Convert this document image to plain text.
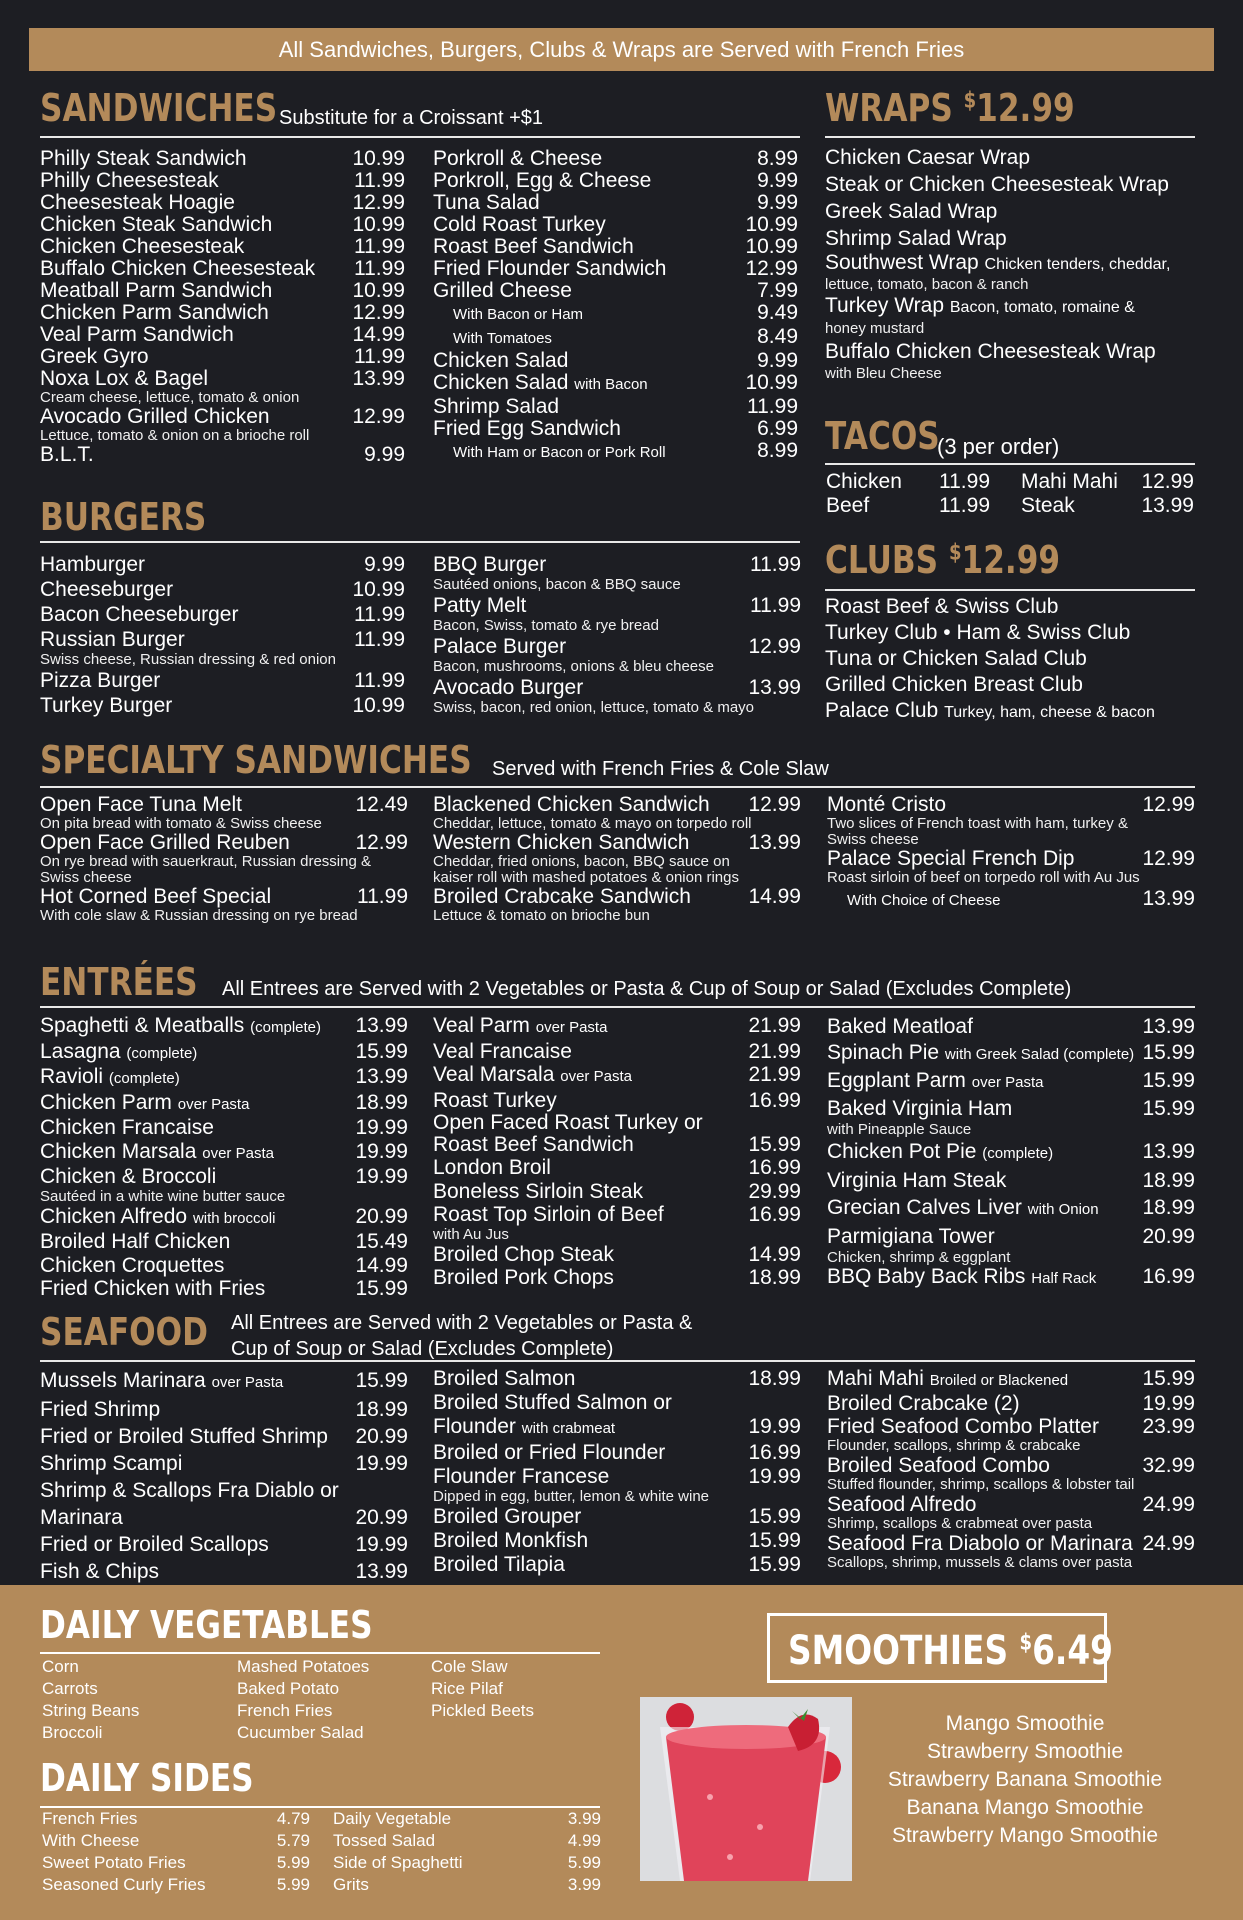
All Sandwiches, Burgers, Clubs & Wraps are Served with French Fries
SANDWICHES Substitute for a Croissant +$1
Philly Steak Sandwich	10.99
Philly Cheesesteak	11.99
Cheesesteak Hoagie	12.99
Chicken Steak Sandwich	10.99
Chicken Cheesesteak	11.99
Buffalo Chicken Cheesesteak 11.99
Meatball Parm Sandwich	10.99
Chicken Parm Sandwich	12.99
Veal Parm Sandwich	14.99
Greek Gyro	11.99
Noxa Lox & Bagel	13.99
Cream cheese, lettuce, tomato & onion
Avocado Grilled Chicken	12.99
Lettuce, tomato & onion on a brioche roll
B.L.T.	9.99
Porkroll & Cheese	8.99
Porkroll, Egg & Cheese	9.99
Tuna Salad	9.99
Cold Roast Turkey	10.99
Roast Beef Sandwich	10.99
Fried Flounder Sandwich	12.99
Grilled Cheese	7.99
With Bacon or Ham	9.49
With Tomatoes	8.49
Chicken Salad	9.99
Chicken Salad with Bacon	10.99
Shrimp Salad	11.99
Fried Egg Sandwich	6.99
With Ham or Bacon or Pork Roll	8.99
WRAPS $12.99
Chicken Caesar Wrap
Steak or Chicken Cheesesteak Wrap
Greek Salad Wrap
Shrimp Salad Wrap
Southwest Wrap Chicken tenders, cheddar,
lettuce, tomato, bacon & ranch
Turkey Wrap Bacon, tomato, romaine &
honey mustard
Buffalo Chicken Cheesesteak Wrap
with Bleu Cheese
TACOS
(3 per order)
Chicken	11.99	Mahi Mahi	12.99
Beef	11.99	Steak	13.99
CLUBS $12.99
Roast Beef & Swiss Club
Turkey Club • Ham & Swiss Club
Tuna or Chicken Salad Club
Grilled Chicken Breast Club
Palace Club Turkey, ham, cheese & bacon
BURGERS
Hamburger	9.99
Cheeseburger	10.99
Bacon Cheeseburger	11.99
Russian Burger	11.99
Swiss cheese, Russian dressing & red onion
Pizza Burger	11.99
Turkey Burger	10.99
BBQ Burger	11.99
Sautéed onions, bacon & BBQ sauce
Patty Melt	11.99
Bacon, Swiss, tomato & rye bread
Palace Burger	12.99
Bacon, mushrooms, onions & bleu cheese
Avocado Burger	13.99
Swiss, bacon, red onion, lettuce, tomato & mayo
SPECIALTY SANDWICHES Served with French Fries & Cole Slaw
Open Face Tuna Melt	12.49
On pita bread with tomato & Swiss cheese
Open Face Grilled Reuben	12.99
On rye bread with sauerkraut, Russian dressing &
Swiss cheese
Hot Corned Beef Special	11.99
With cole slaw & Russian dressing on rye bread
Blackened Chicken Sandwich 12.99
Cheddar, lettuce, tomato & mayo on torpedo roll
Western Chicken Sandwich	13.99
Cheddar, fried onions, bacon, BBQ sauce on
kaiser roll with mashed potatoes & onion rings
Broiled Crabcake Sandwich	14.99
Lettuce & tomato on brioche bun
Monté Cristo	12.99
Two slices of French toast with ham, turkey &
Swiss cheese
Palace Special French Dip	12.99
Roast sirloin of beef on torpedo roll with Au Jus
With Choice of Cheese	13.99
ENTRÉES All Entrees are Served with 2 Vegetables or Pasta & Cup of Soup or Salad (Excludes Complete)
Spaghetti & Meatballs (complete) 13.99
Lasagna (complete)	15.99
Ravioli (complete)	13.99
Chicken Parm over Pasta	18.99
Chicken Francaise	19.99
Chicken Marsala over Pasta	19.99
Chicken & Broccoli	19.99
Sautéed in a white wine butter sauce
Chicken Alfredo with broccoli	20.99
Broiled Half Chicken	15.49
Chicken Croquettes	14.99
Fried Chicken with Fries	15.99
Veal Parm over Pasta	21.99
Veal Francaise	21.99
Veal Marsala over Pasta	21.99
Roast Turkey	16.99
Open Faced Roast Turkey or
Roast Beef Sandwich	15.99
London Broil	16.99
Boneless Sirloin Steak	29.99
Roast Top Sirloin of Beef	16.99
with Au Jus
Broiled Chop Steak	14.99
Broiled Pork Chops	18.99
Baked Meatloaf	13.99
Spinach Pie with Greek Salad (complete) 15.99
Eggplant Parm over Pasta	15.99
Baked Virginia Ham	15.99
with Pineapple Sauce
Chicken Pot Pie (complete)	13.99
Virginia Ham Steak	18.99
Grecian Calves Liver with Onion 18.99
Parmigiana Tower	20.99
Chicken, shrimp & eggplant
BBQ Baby Back Ribs Half Rack 16.99
SEAFOOD All Entrees are Served with 2 Vegetables or Pasta &
Cup of Soup or Salad (Excludes Complete)
Mussels Marinara over Pasta	15.99
Fried Shrimp	18.99
Fried or Broiled Stuffed Shrimp 20.99
Shrimp Scampi	19.99
Shrimp & Scallops Fra Diablo or
Marinara	20.99
Fried or Broiled Scallops	19.99
Fish & Chips	13.99
Broiled Salmon	18.99
Broiled Stuffed Salmon or
Flounder with crabmeat	19.99
Broiled or Fried Flounder	16.99
Flounder Francese	19.99
Dipped in egg, butter, lemon & white wine
Broiled Grouper	15.99
Broiled Monkfish	15.99
Broiled Tilapia	15.99
Mahi Mahi Broiled or Blackened	15.99
Broiled Crabcake (2)	19.99
Fried Seafood Combo Platter 23.99
Flounder, scallops, shrimp & crabcake
Broiled Seafood Combo	32.99
Stuffed flounder, shrimp, scallops & lobster tail
Seafood Alfredo	24.99
Shrimp, scallops & crabmeat over pasta
Seafood Fra Diabolo or Marinara 24.99
Scallops, shrimp, mussels & clams over pasta
DAILY VEGETABLES
Corn
Carrots
String Beans
Broccoli
Mashed Potatoes
Baked Potato
French Fries
Cucumber Salad
Cole Slaw
Rice Pilaf
Pickled Beets
DAILY SIDES
French Fries	4.79
With Cheese	5.79
Sweet Potato Fries	5.99
Seasoned Curly Fries	5.99
Daily Vegetable	3.99
Tossed Salad	4.99
Side of Spaghetti	5.99
Grits	3.99
SMOOTHIES $6.49
Mango Smoothie
Strawberry Smoothie
Strawberry Banana Smoothie
Banana Mango Smoothie
Strawberry Mango Smoothie
